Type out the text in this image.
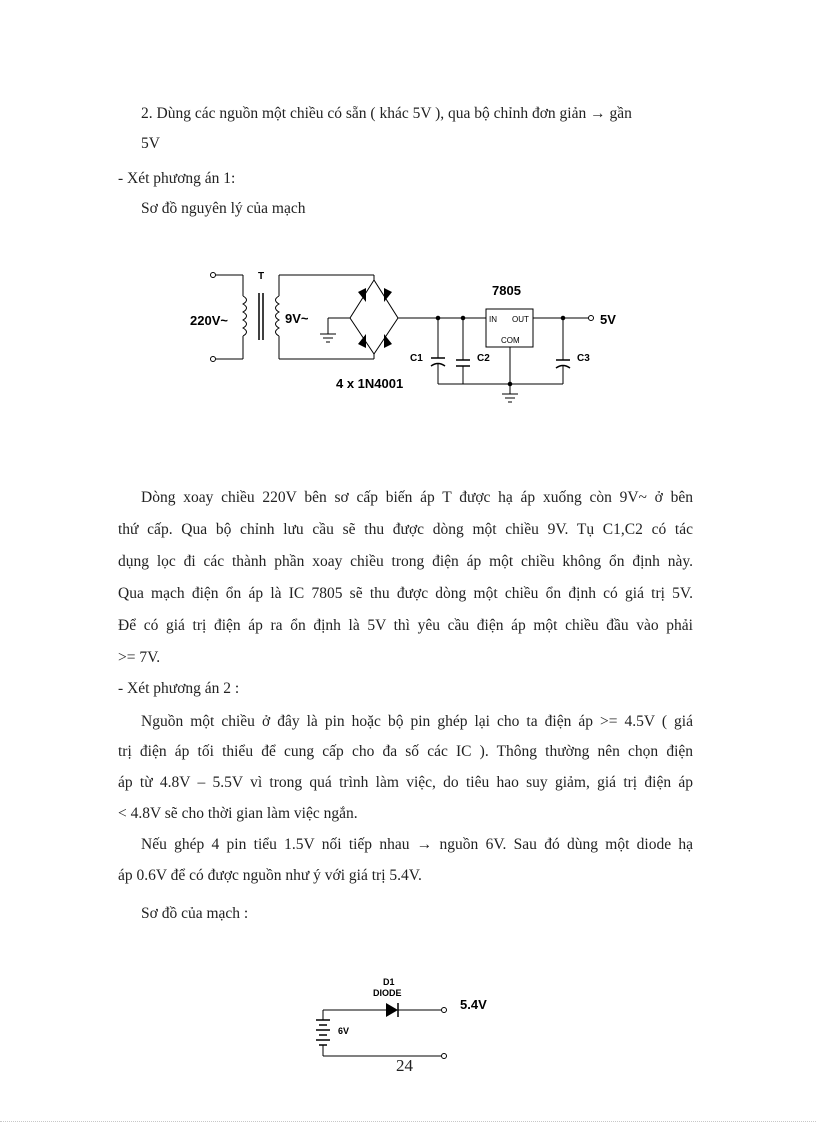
2. Dùng các nguồn một chiều có sẵn ( khác 5V ), qua bộ chỉnh đơn giản → gần
5V
- Xét phương án 1:
Sơ đồ nguyên lý của mạch
T
220V~	9V~
7805
4 x 1N4001
5V
C1	C2	C3
IN OUT
COM
Dòng xoay chiều 220V bên sơ cấp biến áp T được hạ áp xuống còn 9V~ ở bên
thứ cấp. Qua bộ chỉnh lưu cầu sẽ thu được dòng một chiều 9V. Tụ C1,C2 có tác
dụng lọc đi các thành phần xoay chiều trong điện áp một chiều không ổn định này.
Qua mạch điện ổn áp là IC 7805 sẽ thu được dòng một chiều ổn định có giá trị 5V.
Để có giá trị điện áp ra ổn định là 5V thì yêu cầu điện áp một chiều đầu vào phải
>= 7V.
- Xét phương án 2 :
Nguồn một chiều ở đây là pin hoặc bộ pin ghép lại cho ta điện áp >= 4.5V ( giá
trị điện áp tối thiểu để cung cấp cho đa số các IC ). Thông thường nên chọn điện
áp từ 4.8V – 5.5V vì trong quá trình làm việc, do tiêu hao suy giảm, giá trị điện áp
< 4.8V sẽ cho thời gian làm việc ngắn.
Nếu ghép 4 pin tiểu 1.5V nối tiếp nhau → nguồn 6V. Sau đó dùng một diode hạ
áp 0.6V để có được nguồn như ý với giá trị 5.4V.
Sơ đồ của mạch :
D1
DIODE
6V
5.4V
24
